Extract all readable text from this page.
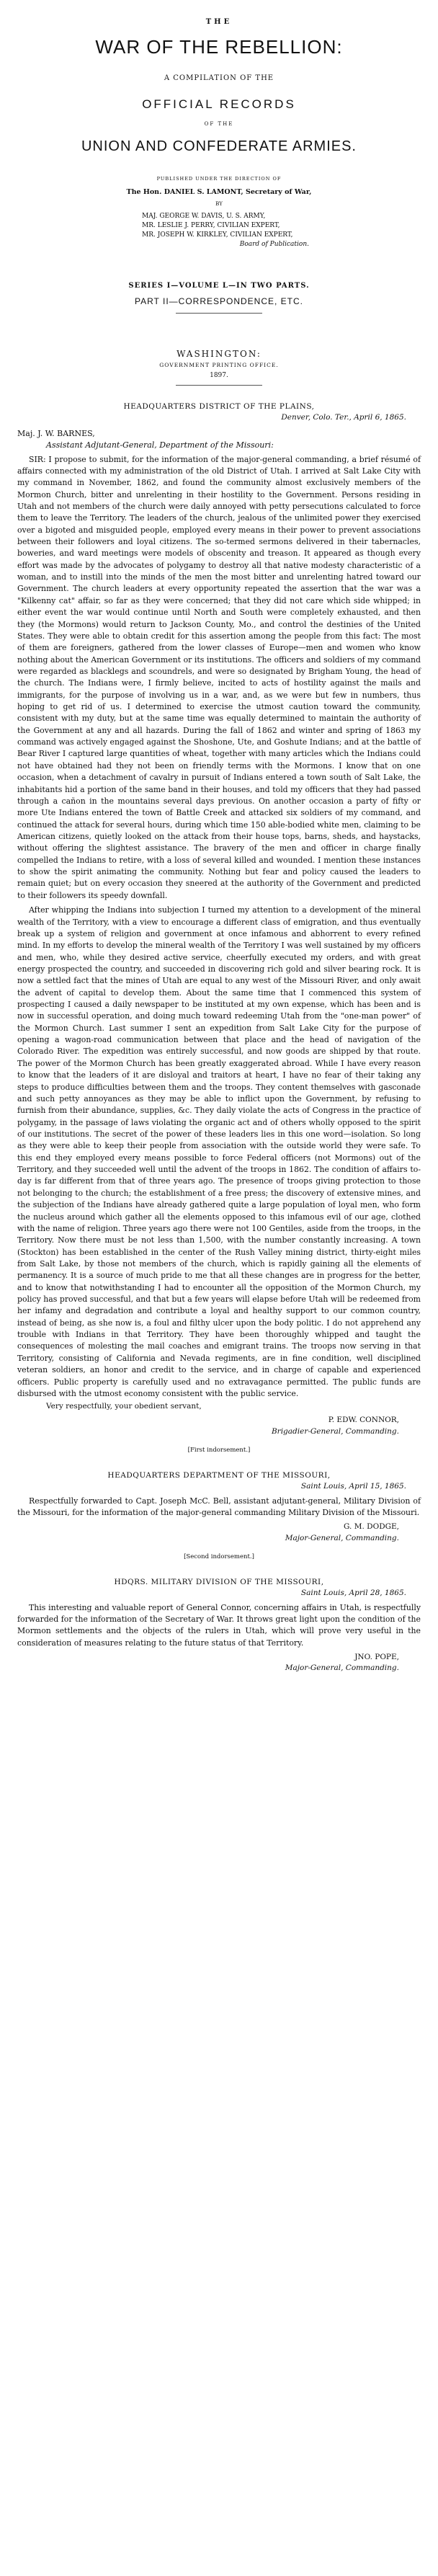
THE
WAR OF THE REBELLION:
A COMPILATION OF THE
OFFICIAL RECORDS
OF THE
UNION AND CONFEDERATE ARMIES.
PUBLISHED UNDER THE DIRECTION OF
The Hon. DANIEL S. LAMONT, Secretary of War,
BY
MAJ. GEORGE W. DAVIS, U. S. ARMY,
MR. LESLIE J. PERRY, CIVILIAN EXPERT,
MR. JOSEPH W. KIRKLEY, CIVILIAN EXPERT,
Board of Publication.
SERIES I—VOLUME L—IN TWO PARTS.
PART II—CORRESPONDENCE, ETC.
WASHINGTON:
GOVERNMENT PRINTING OFFICE.
1897.
HEADQUARTERS DISTRICT OF THE PLAINS,
Denver, Colo. Ter., April 6, 1865.
Maj. J. W. BARNES,
Assistant Adjutant-General, Department of the Missouri:

SIR: I propose to submit, for the information of the major-general commanding, a brief résumé of affairs connected with my administration of the old District of Utah. I arrived at Salt Lake City with my command in November, 1862, and found the community almost exclusively members of the Mormon Church, bitter and unrelenting in their hostility to the Government. Persons residing in Utah and not members of the church were daily annoyed with petty persecutions calculated to force them to leave the Territory. The leaders of the church, jealous of the unlimited power they exercised over a bigoted and misguided people, employed every means in their power to prevent associations between their followers and loyal citizens. The so-termed sermons delivered in their tabernacles, boweries, and ward meetings were models of obscenity and treason. It appeared as though every effort was made by the advocates of polygamy to destroy all that native modesty characteristic of a woman, and to instill into the minds of the men the most bitter and unrelenting hatred toward our Government. The church leaders at every opportunity repeated the assertion that the war was a "Kilkenny cat" affair, so far as they were concerned; that they did not care which side whipped; in either event the war would continue until North and South were completely exhausted, and then they (the Mormons) would return to Jackson County, Mo., and control the destinies of the United States. They were able to obtain credit for this assertion among the people from this fact: The most of them are foreigners, gathered from the lower classes of Europe—men and women who know nothing about the American Government or its institutions. The officers and soldiers of my command were regarded as blacklegs and scoundrels, and were so designated by Brigham Young, the head of the church. The Indians were, I firmly believe, incited to acts of hostility against the mails and immigrants, for the purpose of involving us in a war, and, as we were but few in numbers, thus hoping to get rid of us. I determined to exercise the utmost caution toward the community, consistent with my duty, but at the same time was equally determined to maintain the authority of the Government at any and all hazards. During the fall of 1862 and winter and spring of 1863 my command was actively engaged against the Shoshone, Ute, and Goshute Indians; and at the battle of Bear River I captured large quantities of wheat, together with many articles which the Indians could not have obtained had they not been on friendly terms with the Mormons. I know that on one occasion, when a detachment of cavalry in pursuit of Indians entered a town south of Salt Lake, the inhabitants hid a portion of the same band in their houses, and told my officers that they had passed through a cañon in the mountains several days previous. On another occasion a party of fifty or more Ute Indians entered the town of Battle Creek and attacked six soldiers of my command, and continued the attack for several hours, during which time 150 able-bodied white men, claiming to be American citizens, quietly looked on the attack from their house tops, barns, sheds, and haystacks, without offering the slightest assistance. The bravery of the men and officer in charge finally compelled the Indians to retire, with a loss of several killed and wounded. I mention these instances to show the spirit animating the community. Nothing but fear and policy caused the leaders to remain quiet; but on every occasion they sneered at the authority of the Government and predicted to their followers its speedy downfall.

After whipping the Indians into subjection I turned my attention to a development of the mineral wealth of the Territory, with a view to encourage a different class of emigration, and thus eventually break up a system of religion and government at once infamous and abhorrent to every refined mind. In my efforts to develop the mineral wealth of the Territory I was well sustained by my officers and men, who, while they desired active service, cheerfully executed my orders, and with great energy prospected the country, and succeeded in discovering rich gold and silver bearing rock. It is now a settled fact that the mines of Utah are equal to any west of the Missouri River, and only await the advent of capital to develop them. About the same time that I commenced this system of prospecting I caused a daily newspaper to be instituted at my own expense, which has been and is now in successful operation, and doing much toward redeeming Utah from the "one-man power" of the Mormon Church. Last summer I sent an expedition from Salt Lake City for the purpose of opening a wagon-road communication between that place and the head of navigation of the Colorado River. The expedition was entirely successful, and now goods are shipped by that route. The power of the Mormon Church has been greatly exaggerated abroad. While I have every reason to know that the leaders of it are disloyal and traitors at heart, I have no fear of their taking any steps to produce difficulties between them and the troops. They content themselves with gasconade and such petty annoyances as they may be able to inflict upon the Government, by refusing to furnish from their abundance, supplies, &c. They daily violate the acts of Congress in the practice of polygamy, in the passage of laws violating the organic act and of others wholly opposed to the spirit of our institutions. The secret of the power of these leaders lies in this one word—isolation. So long as they were able to keep their people from association with the outside world they were safe. To this end they employed every means possible to force Federal officers (not Mormons) out of the Territory, and they succeeded well until the advent of the troops in 1862. The condition of affairs to-day is far different from that of three years ago. The presence of troops giving protection to those not belonging to the church; the establishment of a free press; the discovery of extensive mines, and the subjection of the Indians have already gathered quite a large population of loyal men, who form the nucleus around which gather all the elements opposed to this infamous evil of our age, clothed with the name of religion. Three years ago there were not 100 Gentiles, aside from the troops, in the Territory. Now there must be not less than 1,500, with the number constantly increasing. A town (Stockton) has been established in the center of the Rush Valley mining district, thirty-eight miles from Salt Lake, by those not members of the church, which is rapidly gaining all the elements of permanency. It is a source of much pride to me that all these changes are in progress for the better, and to know that notwithstanding I had to encounter all the opposition of the Mormon Church, my policy has proved successful, and that but a few years will elapse before Utah will be redeemed from her infamy and degradation and contribute a loyal and healthy support to our common country, instead of being, as she now is, a foul and filthy ulcer upon the body politic. I do not apprehend any trouble with Indians in that Territory. They have been thoroughly whipped and taught the consequences of molesting the mail coaches and emigrant trains. The troops now serving in that Territory, consisting of California and Nevada regiments, are in fine condition, well disciplined veteran soldiers, an honor and credit to the service, and in charge of capable and experienced officers. Public property is carefully used and no extravagance permitted. The public funds are disbursed with the utmost economy consistent with the public service.

Very respectfully, your obedient servant,
P. EDW. CONNOR,
Brigadier-General, Commanding.
[First indorsement.]
HEADQUARTERS DEPARTMENT OF THE MISSOURI,
Saint Louis, April 15, 1865.

Respectfully forwarded to Capt. Joseph McC. Bell, assistant adjutant-general, Military Division of the Missouri, for the information of the major-general commanding Military Division of the Missouri.

G. M. DODGE,
Major-General, Commanding.
[Second indorsement.]
HDQRS. MILITARY DIVISION OF THE MISSOURI,
Saint Louis, April 28, 1865.

This interesting and valuable report of General Connor, concerning affairs in Utah, is respectfully forwarded for the information of the Secretary of War. It throws great light upon the condition of the Mormon settlements and the objects of the rulers in Utah, which will prove very useful in the consideration of measures relating to the future status of that Territory.

JNO. POPE,
Major-General, Commanding.
